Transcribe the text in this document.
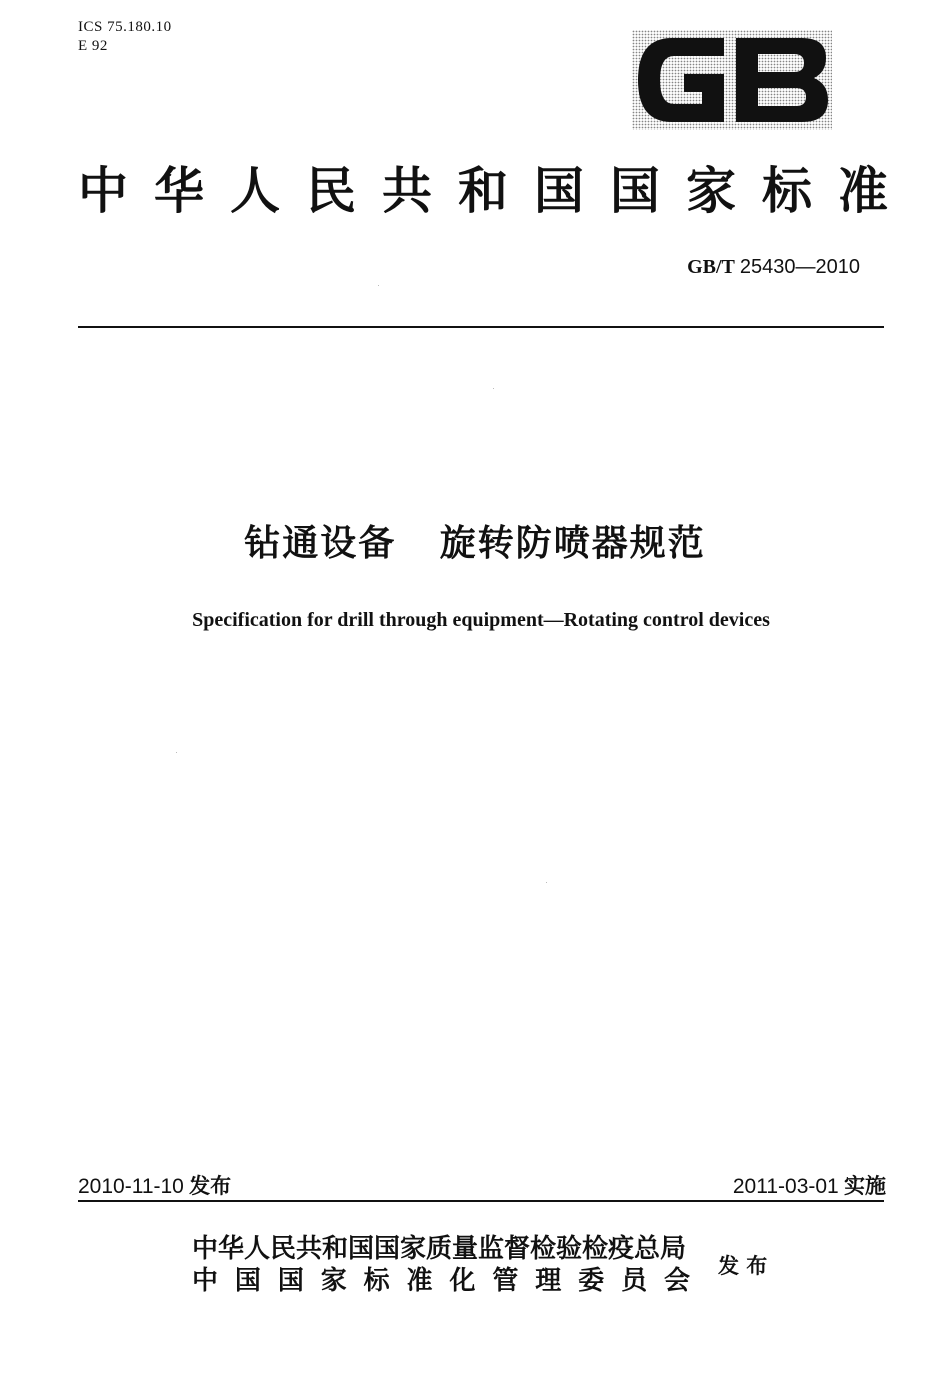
ICS 75.180.10
E 92
中 华 人 民 共 和 国 国 家 标 准
GB/T 25430—2010
钻通设备   旋转防喷器规范
Specification for drill through equipment—Rotating control devices
2010-11-10 发布	2011-03-01 实施
中华人民共和国国家质量监督检验检疫总局
中 国 国 家 标 准 化 管 理 委 员 会
发 布
